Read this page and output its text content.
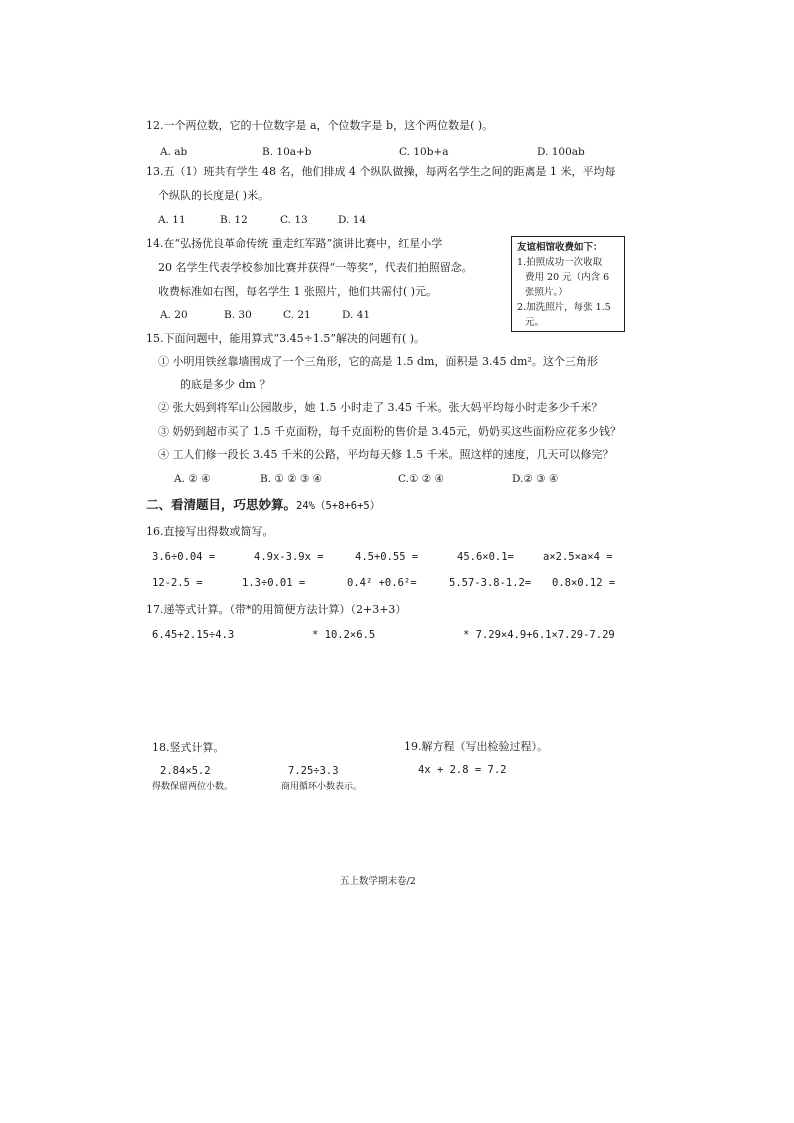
12.一个两位数，它的十位数字是 a，个位数字是 b，这个两位数是( )。
A. ab	B. 10a+b	C. 10b+a	D. 100ab
13.五（1）班共有学生 48 名，他们排成 4 个纵队做操，每两名学生之间的距离是 1 米，平均每
个纵队的长度是( )米。
A. 11	B. 12	C. 13	D. 14
14.在“弘扬优良革命传统 重走红军路”演讲比赛中，红星小学
20 名学生代表学校参加比赛并获得“一等奖”，代表们拍照留念。
收费标准如右图，每名学生 1 张照片，他们共需付( )元。
A. 20	B. 30	C. 21	D. 41
友谊相馆收费如下：
1.拍照成功一次收取
费用 20 元（内含 6
张照片。）
2.加洗照片，每张 1.5
元。
15.下面问题中，能用算式“3.45÷1.5”解决的问题有( )。
① 小明用铁丝靠墙围成了一个三角形，它的高是 1.5 dm，面积是 3.45 dm²。这个三角形
的底是多少 dm ？
② 张大妈到将军山公园散步，她 1.5 小时走了 3.45 千米。张大妈平均每小时走多少千米？
③ 奶奶到超市买了 1.5 千克面粉，每千克面粉的售价是 3.45元，奶奶买这些面粉应花多少钱？
④ 工人们修一段长 3.45 千米的公路，平均每天修 1.5 千米。照这样的速度，几天可以修完？
A. ② ④	B. ① ② ③ ④	C.① ② ④	D.② ③ ④
二、看清题目，巧思妙算。24%（5+8+6+5）
16.直接写出得数或简写。
3.6÷0.04 =	4.9x-3.9x =	4.5+0.55 =	45.6×0.1=	a×2.5×a×4 =
12-2.5 =	1.3÷0.01 =	0.4² +0.6²=	5.57-3.8-1.2= 0.8×0.12 =
17.递等式计算。（带*的用简便方法计算）（2+3+3）
6.45+2.15÷4.3	* 10.2×6.5	* 7.29×4.9+6.1×7.29-7.29
18.竖式计算。
2.84×5.2
得数保留两位小数。
7.25÷3.3
商用循环小数表示。
19.解方程（写出检验过程）。
4x + 2.8 = 7.2
五上数学期末卷/2
